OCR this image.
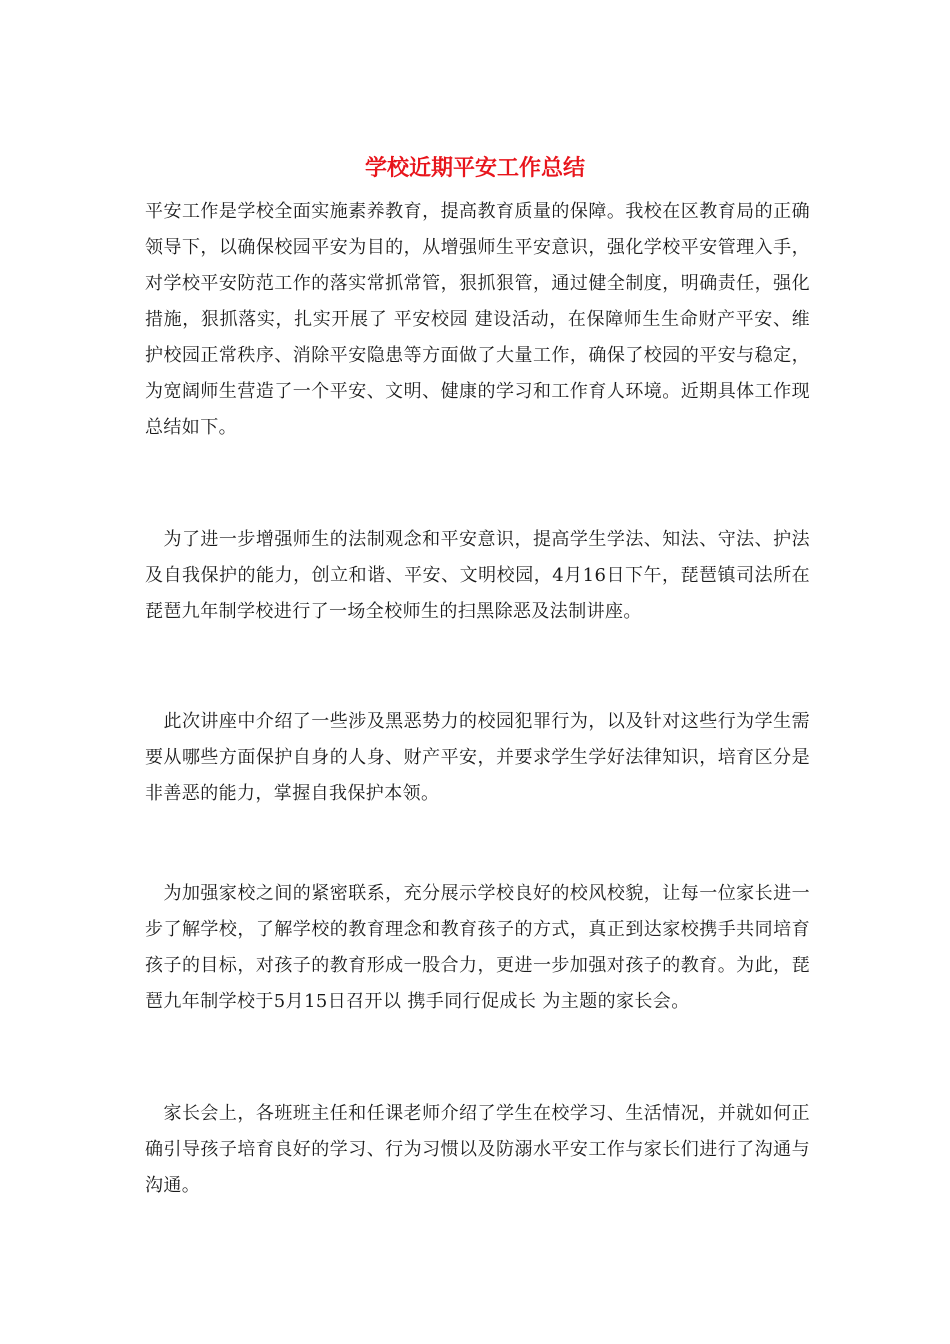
学校近期平安工作总结

平安工作是学校全面实施素养教育，提高教育质量的保障。我校在区教育局的正确领导下，以确保校园平安为目的，从增强师生平安意识，强化学校平安管理入手，对学校平安防范工作的落实常抓常管，狠抓狠管，通过健全制度，明确责任，强化措施，狠抓落实，扎实开展了 平安校园 建设活动，在保障师生生命财产平安、维护校园正常秩序、消除平安隐患等方面做了大量工作，确保了校园的平安与稳定，为宽阔师生营造了一个平安、文明、健康的学习和工作育人环境。近期具体工作现总结如下。

　为了进一步增强师生的法制观念和平安意识，提高学生学法、知法、守法、护法及自我保护的能力，创立和谐、平安、文明校园，4月16日下午，琵琶镇司法所在琵琶九年制学校进行了一场全校师生的扫黑除恶及法制讲座。

　此次讲座中介绍了一些涉及黑恶势力的校园犯罪行为，以及针对这些行为学生需要从哪些方面保护自身的人身、财产平安，并要求学生学好法律知识，培育区分是非善恶的能力，掌握自我保护本领。

　为加强家校之间的紧密联系，充分展示学校良好的校风校貌，让每一位家长进一步了解学校，了解学校的教育理念和教育孩子的方式，真正到达家校携手共同培育孩子的目标，对孩子的教育形成一股合力，更进一步加强对孩子的教育。为此，琵琶九年制学校于5月15日召开以 携手同行促成长 为主题的家长会。

　家长会上，各班班主任和任课老师介绍了学生在校学习、生活情况，并就如何正确引导孩子培育良好的学习、行为习惯以及防溺水平安工作与家长们进行了沟通与沟通。
